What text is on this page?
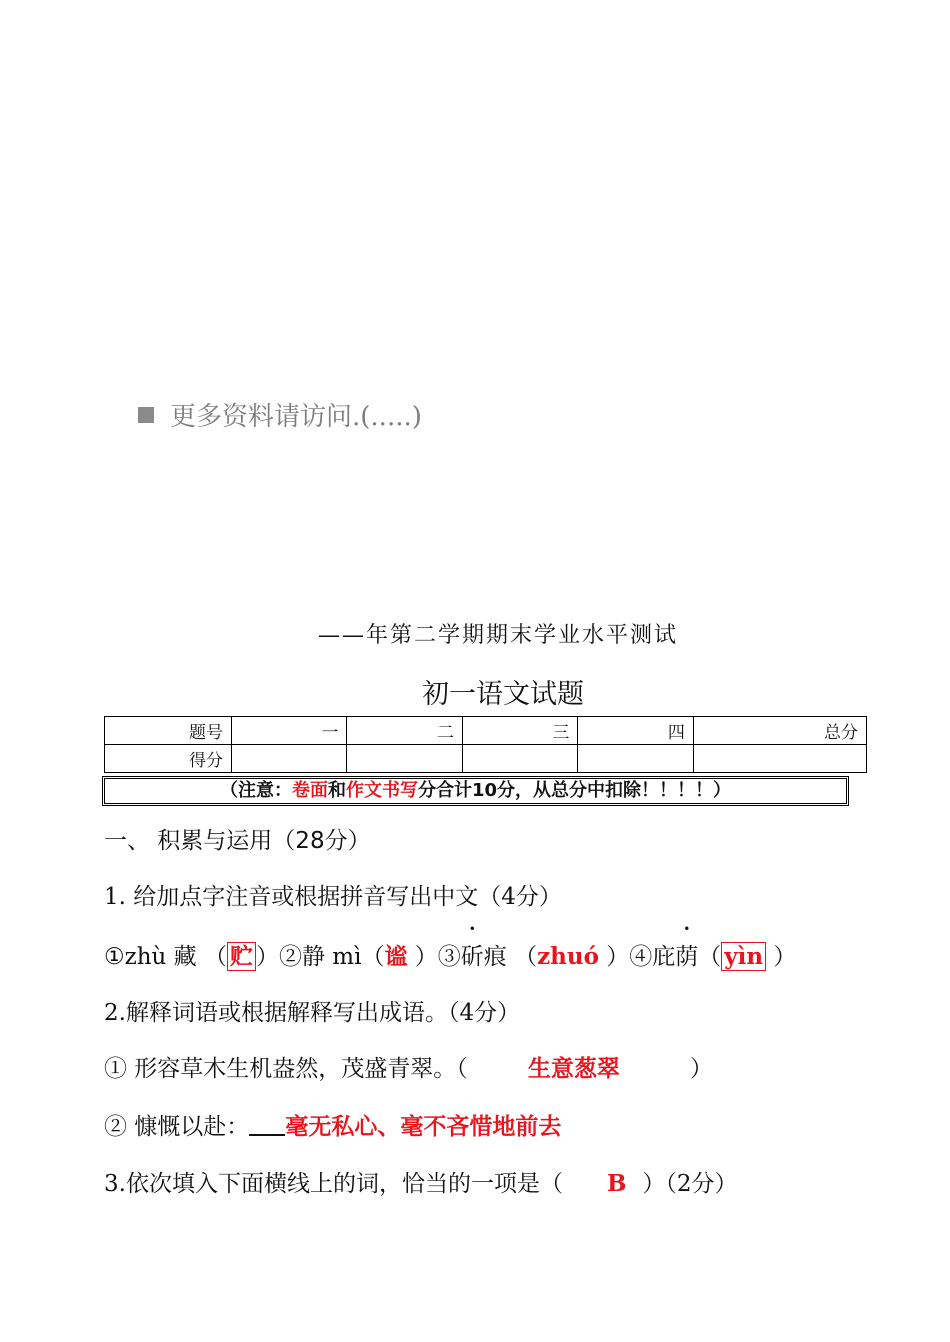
更多资料请访问.(.....)
——年第二学期期末学业水平测试
初一语文试题
题号	一	二	三	四	总分
得分					
（注意：卷面和作文书写分合计10分，从总分中扣除！！！！）
一、 积累与运用（28分）
1. 给加点字注音或根据拼音写出中文（4分）
①zhù 藏 （ 贮 ）②静 mì（谧 ）③斫痕 （zhuó ）④庇荫（ yìn ）
2.解释词语或根据解释写出成语。（4分）
① 形容草木生机盎然，茂盛青翠。（	生意葱翠	）
② 慷慨以赴： 毫无私心、毫不吝惜地前去
3.依次填入下面横线上的词，恰当的一项是（ B ）（2分）
